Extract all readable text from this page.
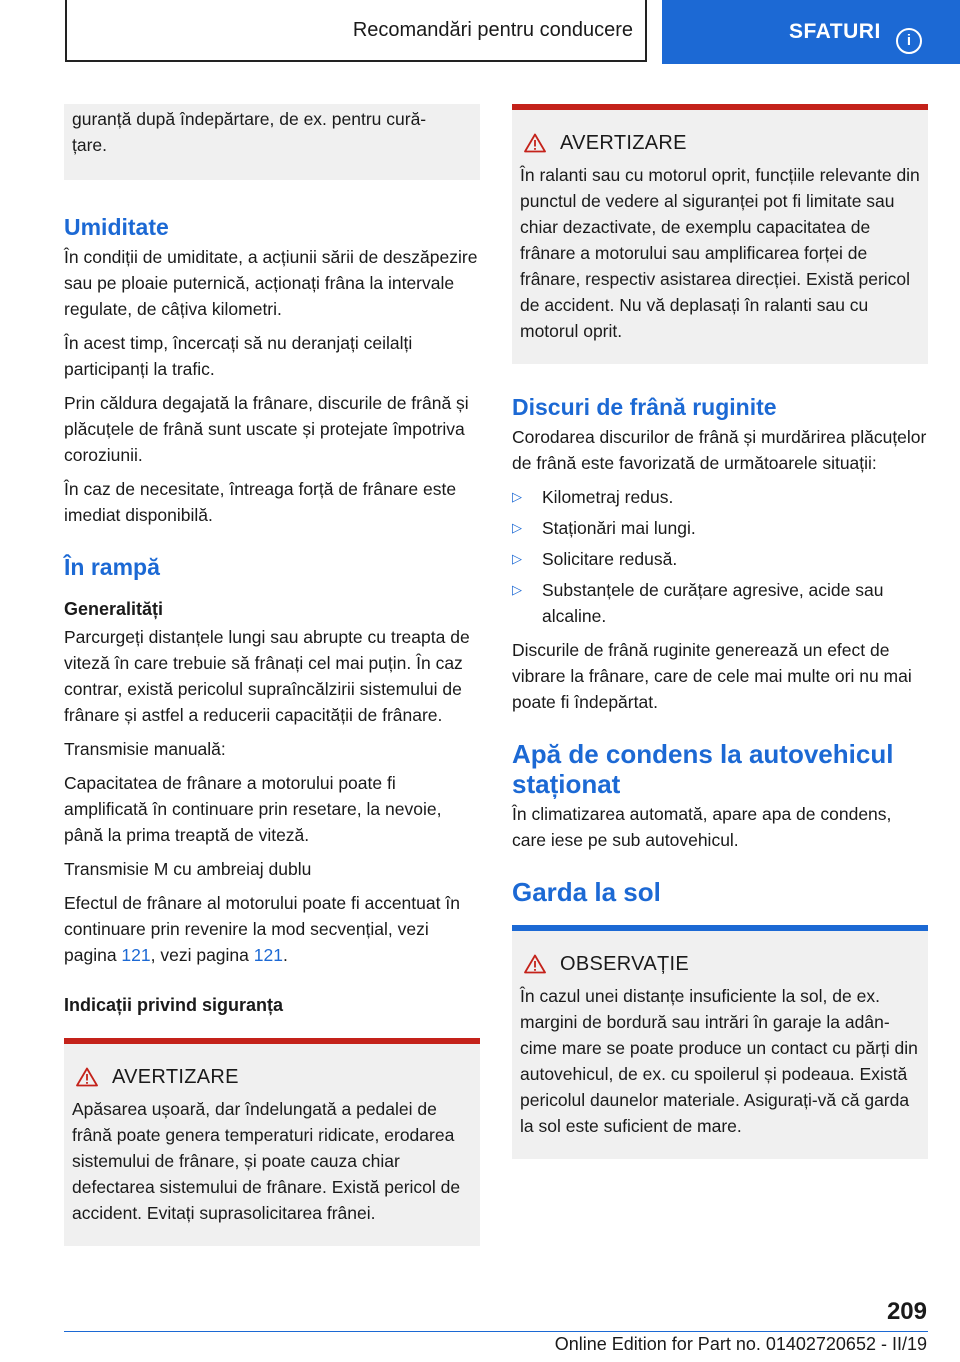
Recomandări pentru conducere	SFATURI	i

guranță după îndepărtare, de ex. pentru cură‐
țare.

Umiditate

În condiții de umiditate, a acțiunii sării de deszăpezire sau pe ploaie puternică, acționați frâna la intervale regulate, de câțiva kilometri.

În acest timp, încercați să nu deranjați ceilalți participanți la trafic.

Prin căldura degajată la frânare, discurile de frână și plăcuțele de frână sunt uscate și protejate împotriva coroziunii.

În caz de necesitate, întreaga forță de frânare este imediat disponibilă.

În rampă
Generalități

Parcurgeți distanțele lungi sau abrupte cu treapta de viteză în care trebuie să frânați cel mai puțin. În caz contrar, există pericolul supraîncălzirii sistemului de frânare și astfel a reducerii capacității de frânare.

Transmisie manuală:

Capacitatea de frânare a motorului poate fi amplificată în continuare prin resetare, la nevoie, până la prima treaptă de viteză.

Transmisie M cu ambreiaj dublu

Efectul de frânare al motorului poate fi accentuat în continuare prin revenire la mod secvențial, vezi pagina 121, vezi pagina 121.

Indicații privind siguranța
AVERTIZARE

Apăsarea ușoară, dar îndelungată a pedalei de frână poate genera temperaturi ridicate, erodarea sistemului de frânare, și poate cauza chiar defectarea sistemului de frânare. Există pericol de accident. Evitați suprasolicitarea frânei.

AVERTIZARE

În ralanti sau cu motorul oprit, funcțiile relevante din punctul de vedere al siguranței pot fi limitate sau chiar dezactivate, de exemplu capacitatea de frânare a motorului sau amplificarea forței de frânare, respectiv asistarea direcției. Există pericol de accident. Nu vă deplasați în ralanti sau cu motorul oprit.

Discuri de frână ruginite

Corodarea discurilor de frână și murdărirea plăcuțelor de frână este favorizată de următoarele situații:

▷ Kilometraj redus.
▷ Staționări mai lungi.
▷ Solicitare redusă.
▷ Substanțele de curățare agresive, acide sau alcaline.

Discurile de frână ruginite generează un efect de vibrare la frânare, care de cele mai multe ori nu mai poate fi îndepărtat.

Apă de condens la autovehicul staționat

În climatizarea automată, apare apa de condens, care iese pe sub autovehicul.

Garda la sol
OBSERVAȚIE

În cazul unei distanțe insuficiente la sol, de ex. margini de bordură sau intrări în garaje la adâncime mare se poate produce un contact cu părți din autovehicul, de ex. cu spoilerul și podeaua. Există pericolul daunelor materiale. Asigurați-vă că garda la sol este suficient de mare.

209
Online Edition for Part no. 01402720652 - II/19
